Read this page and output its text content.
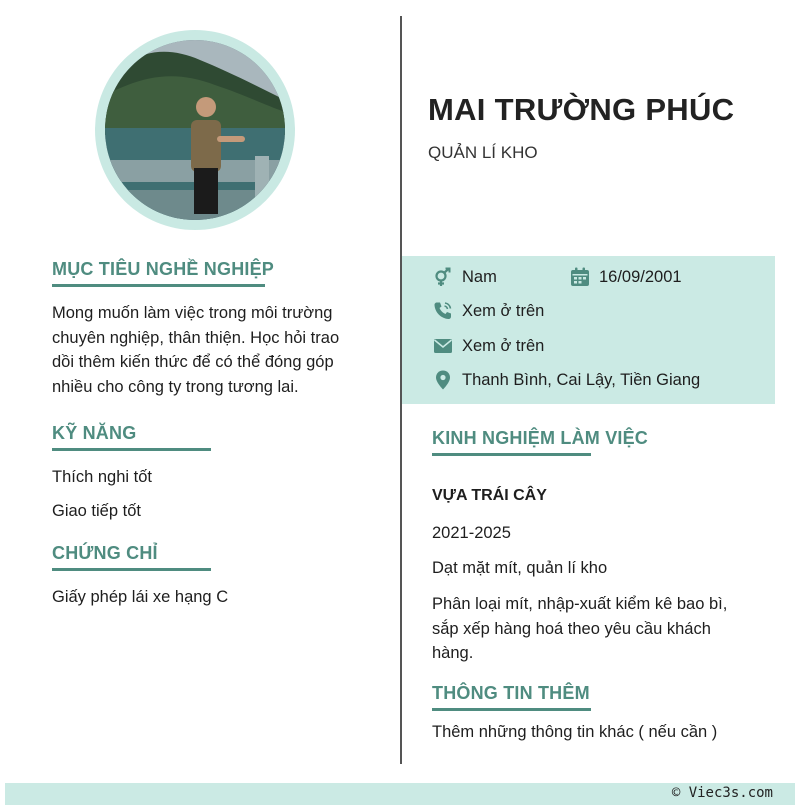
MỤC TIÊU NGHỀ NGHIỆP
Mong muốn làm việc trong môi trường
chuyên nghiệp, thân thiện. Học hỏi trao
dồi thêm kiến thức để có thể đóng góp
nhiều cho công ty trong tương lai.
KỸ NĂNG
Thích nghi tốt
Giao tiếp tốt
CHỨNG CHỈ
Giấy phép lái xe hạng C
MAI TRƯỜNG PHÚC
QUẢN LÍ KHO
Nam	16/09/2001
Xem ở trên
Xem ở trên
Thanh Bình, Cai Lậy, Tiền Giang
KINH NGHIỆM LÀM VIỆC
VỰA TRÁI CÂY
2021-2025
Dạt mặt mít, quản lí kho
Phân loại mít, nhập-xuất kiểm kê bao bì,
sắp xếp hàng hoá theo yêu cầu khách
hàng.
THÔNG TIN THÊM
Thêm những thông tin khác ( nếu cần )
© Viec3s.com
